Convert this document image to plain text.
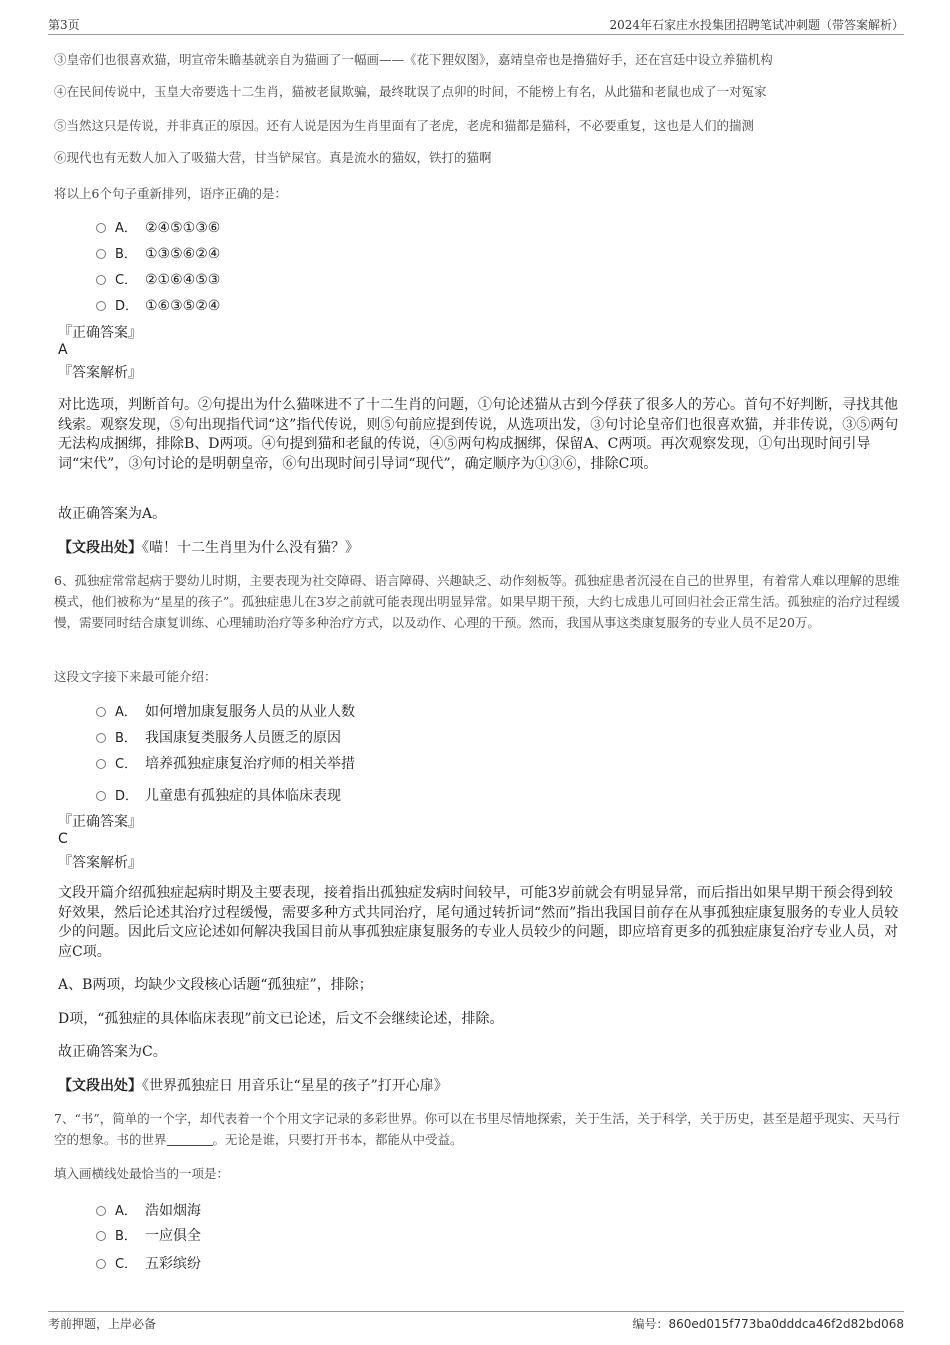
第3页	2024年石家庄水投集团招聘笔试冲刺题（带答案解析）
③皇帝们也很喜欢猫，明宣帝朱瞻基就亲自为猫画了一幅画——《花下狸奴图》，嘉靖皇帝也是撸猫好手，还在宫廷中设立养猫机构
④在民间传说中，玉皇大帝要选十二生肖，猫被老鼠欺骗，最终耽误了点卯的时间，不能榜上有名，从此猫和老鼠也成了一对冤家
⑤当然这只是传说，并非真正的原因。还有人说是因为生肖里面有了老虎，老虎和猫都是猫科，不必要重复，这也是人们的揣测
⑥现代也有无数人加入了吸猫大营，甘当铲屎官。真是流水的猫奴，铁打的猫啊
将以上6个句子重新排列，语序正确的是：
A． ②④⑤①③⑥
B． ①③⑤⑥②④
C． ②①⑥④⑤③
D． ①⑥③⑤②④
『正确答案』
A
『答案解析』
对比选项，判断首句。②句提出为什么猫咪进不了十二生肖的问题，①句论述猫从古到今俘获了很多人的芳心。首句不好判断，寻找其他线索。观察发现，⑤句出现指代词“这”指代传说，则⑤句前应提到传说，从选项出发，③句讨论皇帝们也很喜欢猫，并非传说，③⑤两句无法构成捆绑，排除B、D两项。④句提到猫和老鼠的传说，④⑤两句构成捆绑，保留A、C两项。再次观察发现，①句出现时间引导词“宋代”，③句讨论的是明朝皇帝，⑥句出现时间引导词“现代”，确定顺序为①③⑥，排除C项。
故正确答案为A。
【文段出处】《喵！十二生肖里为什么没有猫？》
6、孤独症常常起病于婴幼儿时期，主要表现为社交障碍、语言障碍、兴趣缺乏、动作刻板等。孤独症患者沉浸在自己的世界里，有着常人难以理解的思维模式，他们被称为“星星的孩子”。孤独症患儿在3岁之前就可能表现出明显异常。如果早期干预，大约七成患儿可回归社会正常生活。孤独症的治疗过程缓慢，需要同时结合康复训练、心理辅助治疗等多种治疗方式，以及动作、心理的干预。然而，我国从事这类康复服务的专业人员不足20万。
这段文字接下来最可能介绍：
A． 如何增加康复服务人员的从业人数
B． 我国康复类服务人员匮乏的原因
C． 培养孤独症康复治疗师的相关举措
D． 儿童患有孤独症的具体临床表现
『正确答案』
C
『答案解析』
文段开篇介绍孤独症起病时期及主要表现，接着指出孤独症发病时间较早，可能3岁前就会有明显异常，而后指出如果早期干预会得到较好效果，然后论述其治疗过程缓慢，需要多种方式共同治疗，尾句通过转折词“然而”指出我国目前存在从事孤独症康复服务的专业人员较少的问题。因此后文应论述如何解决我国目前从事孤独症康复服务的专业人员较少的问题，即应培育更多的孤独症康复治疗专业人员，对应C项。
A、B两项，均缺少文段核心话题“孤独症”，排除；
D项，“孤独症的具体临床表现”前文已论述，后文不会继续论述，排除。
故正确答案为C。
【文段出处】《世界孤独症日 用音乐让“星星的孩子”打开心扉》
7、“书”，简单的一个字，却代表着一个个用文字记录的多彩世界。你可以在书里尽情地探索，关于生活，关于科学，关于历史，甚至是超乎现实、天马行空的想象。书的世界	。无论是谁，只要打开书本，都能从中受益。
填入画横线处最恰当的一项是：
A． 浩如烟海
B． 一应俱全
C． 五彩缤纷
考前押题，上岸必备	编号：860ed015f773ba0dddca46f2d82bd068
